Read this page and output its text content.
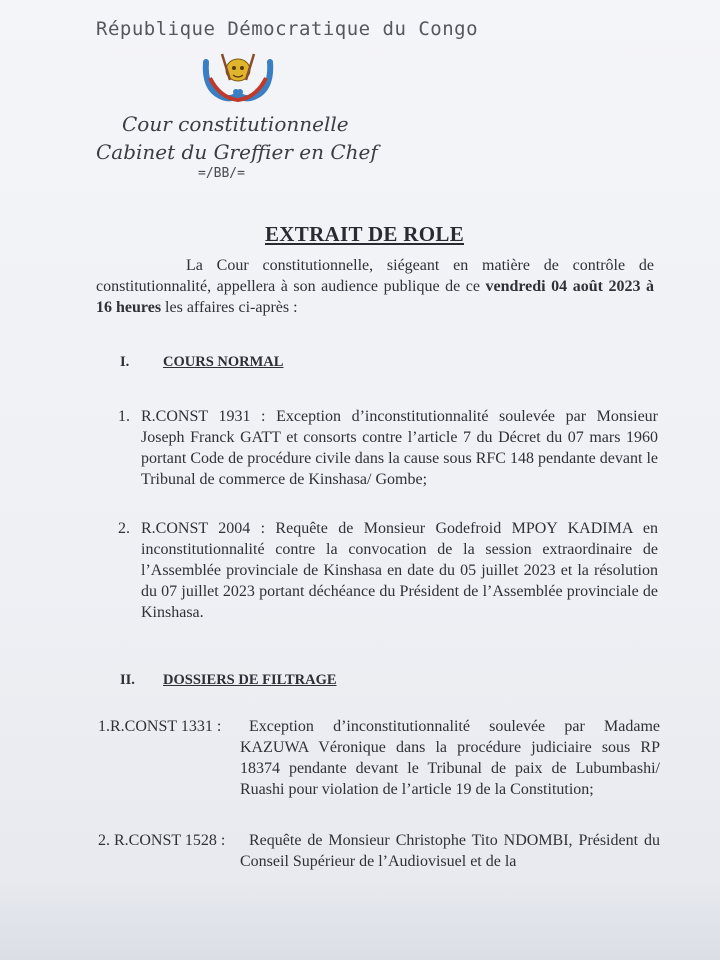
République Démocratique du Congo
Cour constitutionnelle
Cabinet du Greffier en Chef
=/BB/=
EXTRAIT DE ROLE
La Cour constitutionnelle, siégeant en matière de contrôle de constitutionnalité, appellera à son audience publique de ce vendredi 04 août 2023 à 16 heures les affaires ci-après :
I. COURS NORMAL
1. R.CONST 1931 : Exception d’inconstitutionnalité soulevée par Monsieur Joseph Franck GATT et consorts contre l’article 7 du Décret du 07 mars 1960 portant Code de procédure civile dans la cause sous RFC 148 pendante devant le Tribunal de commerce de Kinshasa/ Gombe;
2. R.CONST 2004 : Requête de Monsieur Godefroid MPOY KADIMA en inconstitutionnalité contre la convocation de la session extraordinaire de l’Assemblée provinciale de Kinshasa en date du 05 juillet 2023 et la résolution du 07 juillet 2023 portant déchéance du Président de l’Assemblée provinciale de Kinshasa.
II. DOSSIERS DE FILTRAGE
1.R.CONST 1331 :	Exception d’inconstitutionnalité soulevée par Madame KAZUWA Véronique dans la procédure judiciaire sous RP 18374 pendante devant le Tribunal de paix de Lubumbashi/ Ruashi pour violation de l’article 19 de la Constitution;
2. R.CONST 1528 :	Requête de Monsieur Christophe Tito NDOMBI, Président du Conseil Supérieur de l’Audiovisuel et de la
